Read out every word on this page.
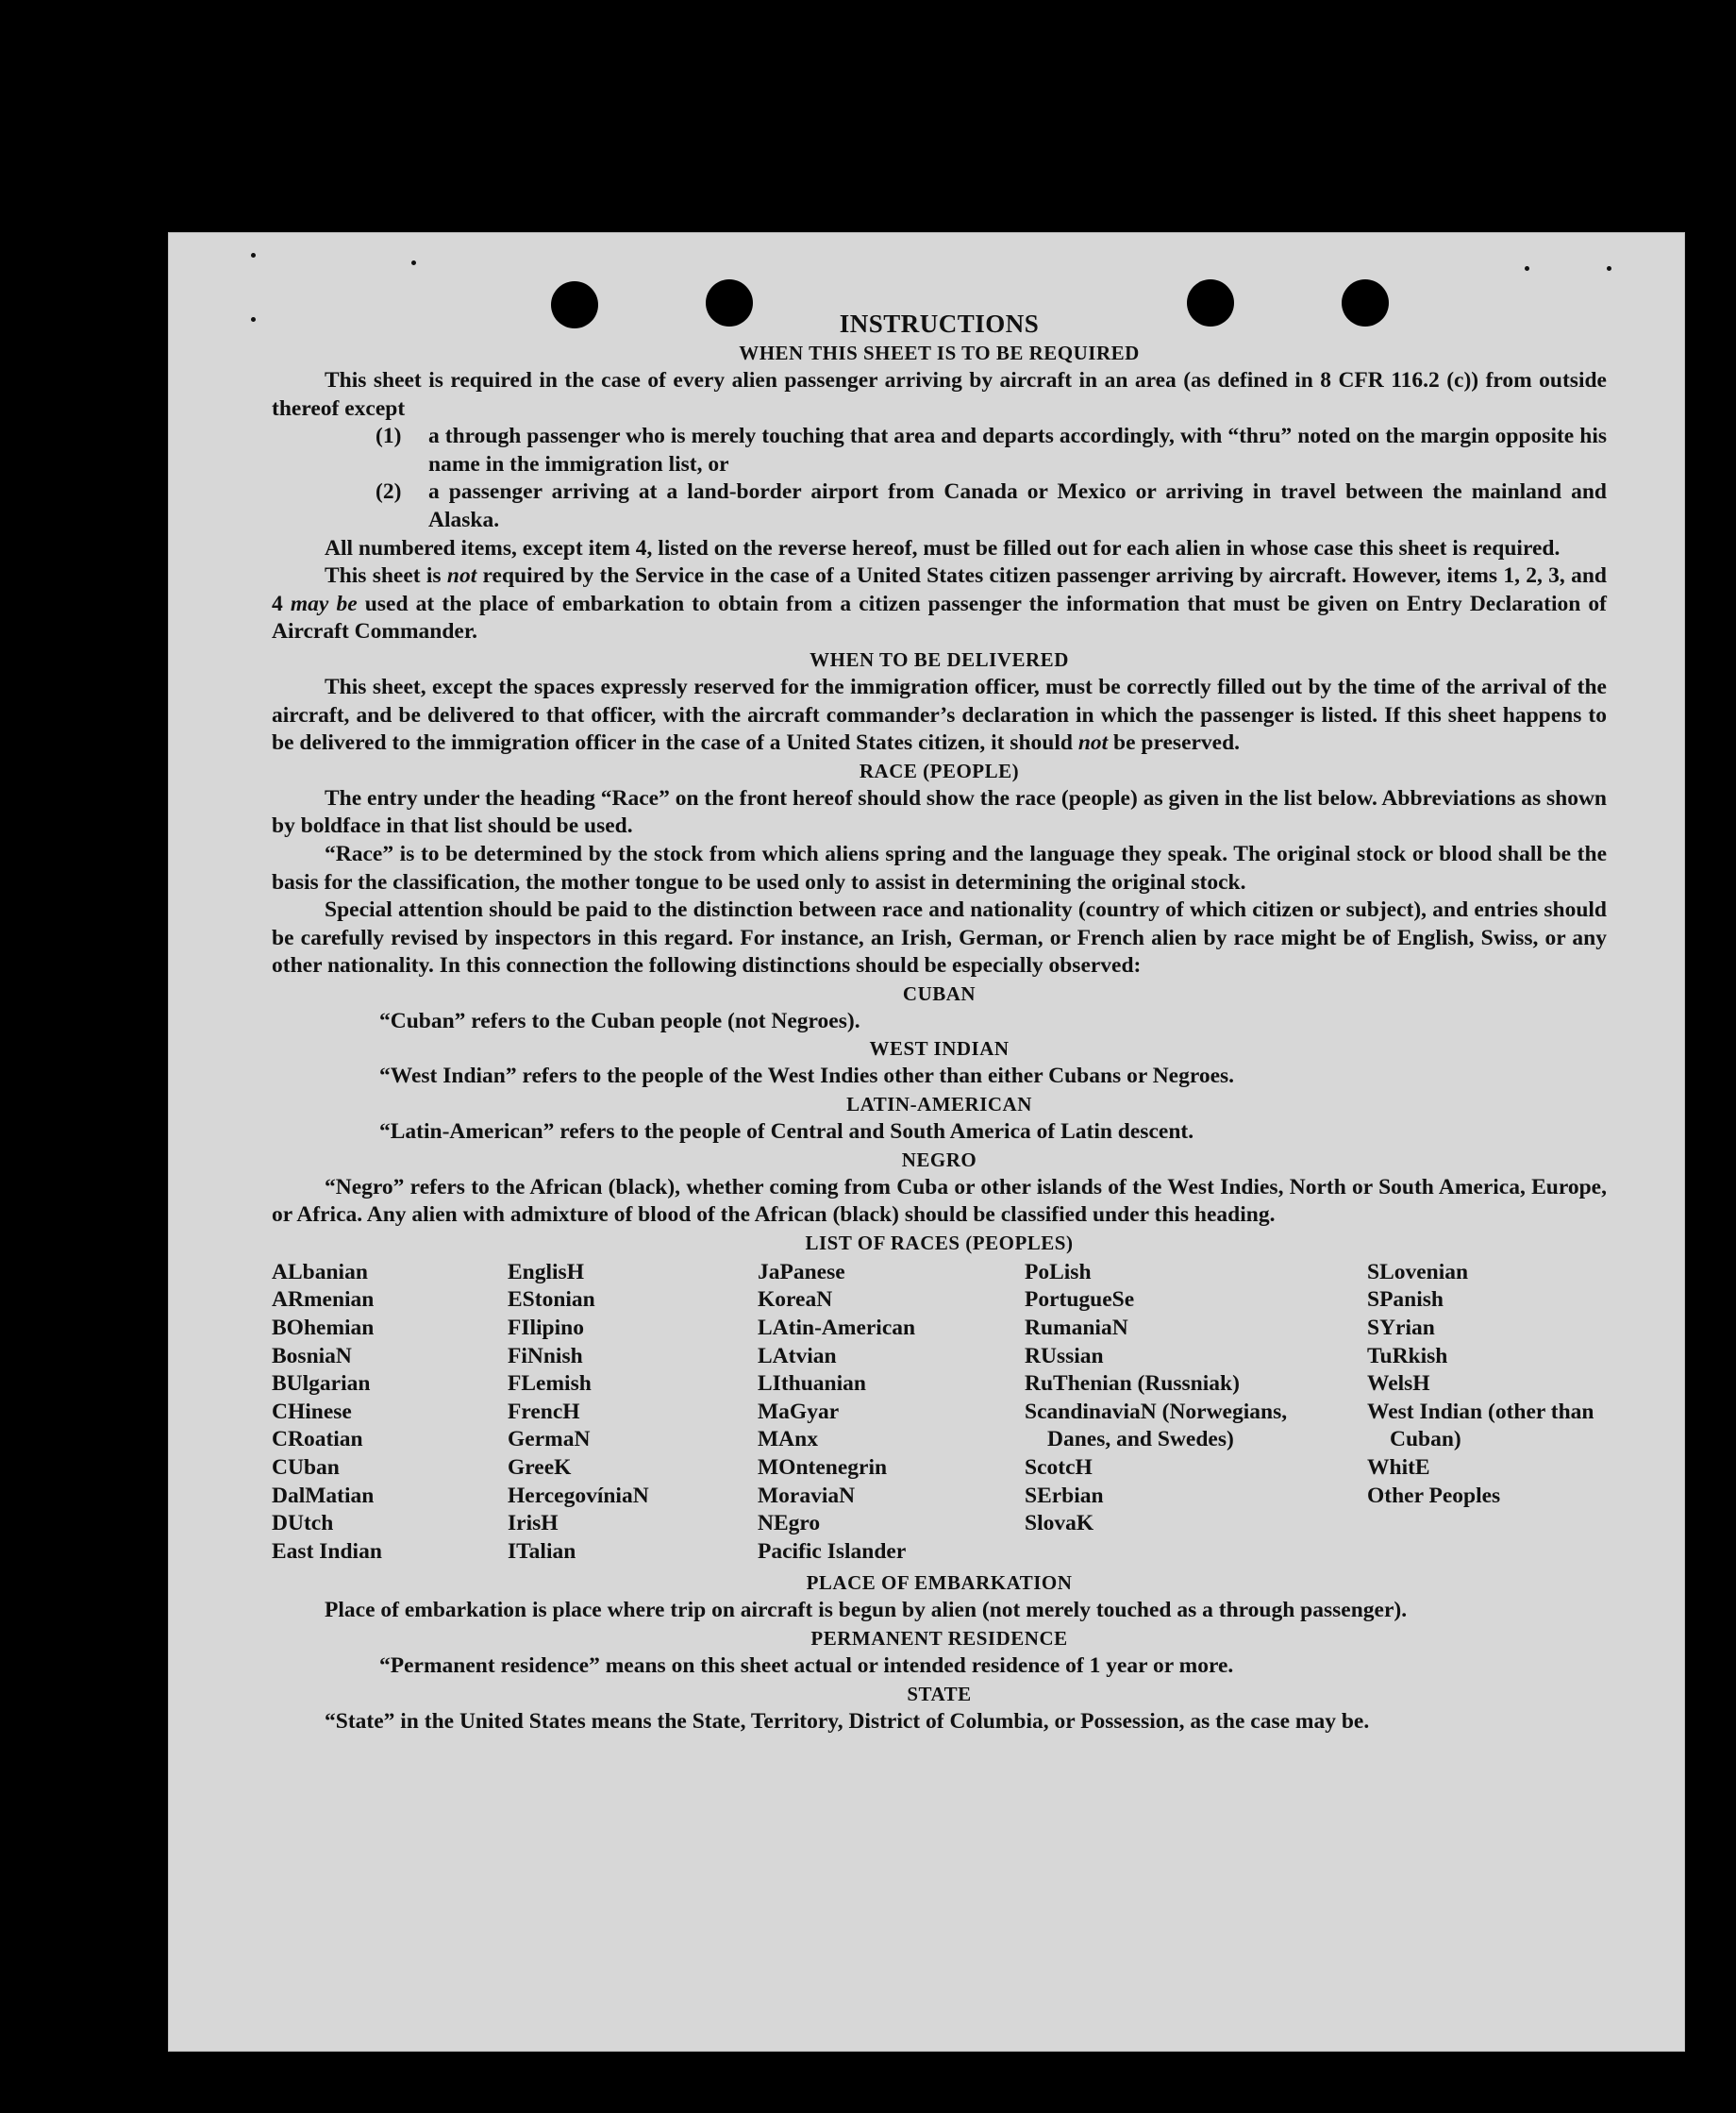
INSTRUCTIONS
WHEN THIS SHEET IS TO BE REQUIRED

This sheet is required in the case of every alien passenger arriving by aircraft in an area (as defined in 8 CFR 116.2 (c)) from outside thereof except

(1)	a through passenger who is merely touching that area and departs accordingly, with “thru” noted on the margin opposite his name in the immigration list, or
(2)	a passenger arriving at a land-border airport from Canada or Mexico or arriving in travel between the mainland and Alaska.

All numbered items, except item 4, listed on the reverse hereof, must be filled out for each alien in whose case this sheet is required.

This sheet is not required by the Service in the case of a United States citizen passenger arriving by aircraft. However, items 1, 2, 3, and 4 may be used at the place of embarkation to obtain from a citizen passenger the information that must be given on Entry Declaration of Aircraft Commander.

WHEN TO BE DELIVERED

This sheet, except the spaces expressly reserved for the immigration officer, must be correctly filled out by the time of the arrival of the aircraft, and be delivered to that officer, with the aircraft commander’s declaration in which the passenger is listed. If this sheet happens to be delivered to the immigration officer in the case of a United States citizen, it should not be preserved.

RACE (PEOPLE)

The entry under the heading “Race” on the front hereof should show the race (people) as given in the list below. Abbreviations as shown by boldface in that list should be used.

“Race” is to be determined by the stock from which aliens spring and the language they speak. The original stock or blood shall be the basis for the classification, the mother tongue to be used only to assist in determining the original stock.

Special attention should be paid to the distinction between race and nationality (country of which citizen or subject), and entries should be carefully revised by inspectors in this regard. For instance, an Irish, German, or French alien by race might be of English, Swiss, or any other nationality. In this connection the following distinctions should be especially observed:

CUBAN

“Cuban” refers to the Cuban people (not Negroes).

WEST INDIAN

“West Indian” refers to the people of the West Indies other than either Cubans or Negroes.

LATIN-AMERICAN

“Latin-American” refers to the people of Central and South America of Latin descent.

NEGRO

“Negro” refers to the African (black), whether coming from Cuba or other islands of the West Indies, North or South America, Europe, or Africa. Any alien with admixture of blood of the African (black) should be classified under this heading.

LIST OF RACES (PEOPLES)
ALbanian
ARmenian
BOhemian
BosniaN
BUlgarian
CHinese
CRoatian
CUban
DalMatian
DUtch
East Indian
EnglisH
EStonian
FIlipino
FiNnish
FLemish
FrencH
GermaN
GreeK
HercegovíniaN
IrisH
ITalian
JaPanese
KoreaN
LAtin-American
LAtvian
LIthuanian
MaGyar
MAnx
MOntenegrin
MoraviaN
NEgro
Pacific Islander
PoLish
PortugueSe
RumaniaN
RUssian
RuThenian (Russniak)
ScandinaviaN (Norwegians, Danes, and Swedes)
ScotcH
SErbian
SlovaK
SLovenian
SPanish
SYrian
TuRkish
WelsH
West Indian (other than Cuban)
WhitE
Other Peoples
PLACE OF EMBARKATION

Place of embarkation is place where trip on aircraft is begun by alien (not merely touched as a through passenger).

PERMANENT RESIDENCE

“Permanent residence” means on this sheet actual or intended residence of 1 year or more.

STATE

“State” in the United States means the State, Territory, District of Columbia, or Possession, as the case may be.
